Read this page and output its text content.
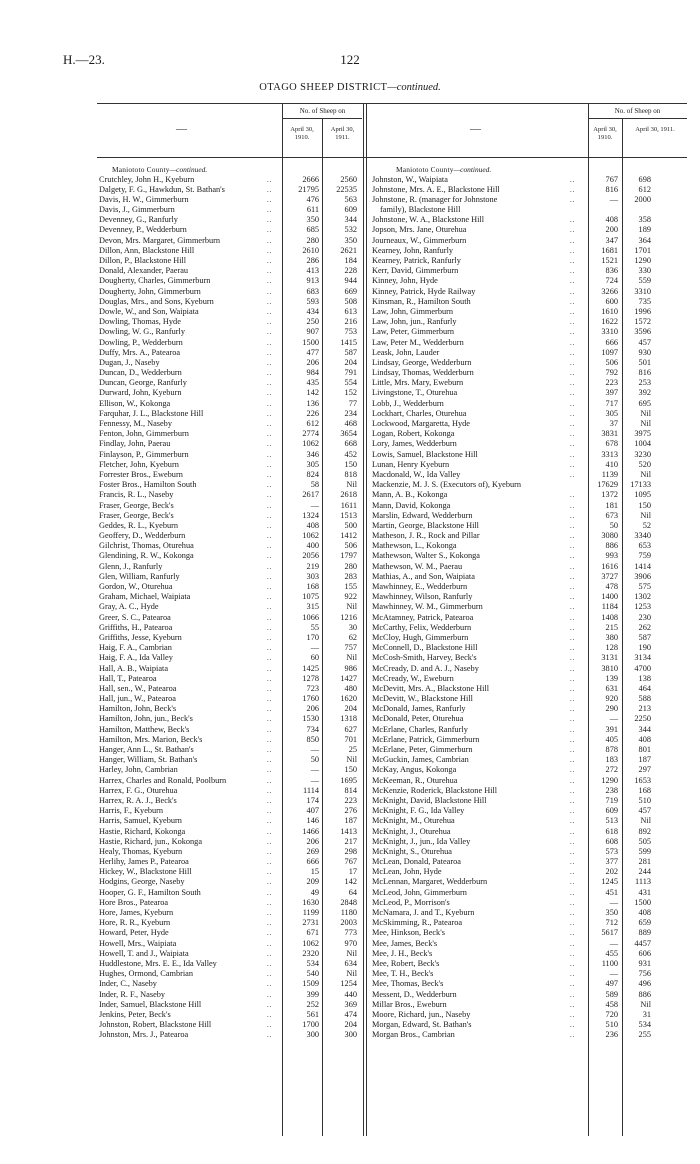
H.—23.	122
OTAGO SHEEP DISTRICT—continued.
—	—
No. of Sheep on	No. of Sheep on
April 30, 1910.
April 30, 1911.
April 30, 1910.
April 30, 1911.
Maniototo County—continued.	Maniototo County—continued.
Crutchley, John H., Kyeburn	..	2666	2560
Dalgety, F. G., Hawkdun, St. Bathan's	..	21795	22535
Davis, H. W., Gimmerburn	..	476	563
Davis, J., Gimmerburn	..	611	609
Devenney, G., Ranfurly	..	350	344
Devenney, P., Wedderburn	..	685	532
Devon, Mrs. Margaret, Gimmerburn	..	280	350
Dillon, Ann, Blackstone Hill	..	2610	2621
Dillon, P., Blackstone Hill	..	286	184
Donald, Alexander, Paerau	..	413	228
Dougherty, Charles, Gimmerburn	..	913	944
Dougherty, John, Gimmerburn	..	683	669
Douglas, Mrs., and Sons, Kyeburn	..	593	508
Dowle, W., and Son, Waipiata	..	434	613
Dowling, Thomas, Hyde	..	250	216
Dowling, W. G., Ranfurly	..	907	753
Dowling, P., Wedderburn	..	1500	1415
Duffy, Mrs. A., Patearoa	..	477	587
Dugan, J., Naseby	..	206	204
Duncan, D., Wedderburn	..	984	791
Duncan, George, Ranfurly	..	435	554
Durward, John, Kyeburn	..	142	152
Ellison, W., Kokonga	..	136	77
Farquhar, J. L., Blackstone Hill	..	226	234
Fennessy, M., Naseby	..	612	468
Fenton, John, Gimmerburn	..	2774	3654
Findlay, John, Paerau	..	1062	668
Finlayson, P., Gimmerburn	..	346	452
Fletcher, John, Kyeburn	..	305	150
Forrester Bros., Eweburn	..	824	818
Foster Bros., Hamilton South	..	58	Nil
Francis, R. L., Naseby	..	2617	2618
Fraser, George, Beck's	..	—	1611
Fraser, George, Beck's	..	1324	1513
Geddes, R. L., Kyeburn	..	408	500
Geoffery, D., Wedderburn	..	1062	1412
Gilchrist, Thomas, Oturehua	..	400	506
Glendining, R. W., Kokonga	..	2056	1797
Glenn, J., Ranfurly	..	219	280
Glen, William, Ranfurly	..	303	283
Gordon, W., Oturehua	..	168	155
Graham, Michael, Waipiata	..	1075	922
Gray, A. C., Hyde	..	315	Nil
Greer, S. C., Patearoa	..	1066	1216
Griffiths, H., Patearoa	..	55	30
Griffiths, Jesse, Kyeburn	..	170	62
Haig, F. A., Cambrian	..	—	757
Haig, F. A., Ida Valley	..	60	Nil
Hall, A. B., Waipiata	..	1425	986
Hall, T., Patearoa	..	1278	1427
Hall, sen., W., Patearoa	..	723	480
Hall, jun., W., Patearoa	..	1760	1620
Hamilton, John, Beck's	..	206	204
Hamilton, John, jun., Beck's	..	1530	1318
Hamilton, Matthew, Beck's	..	734	627
Hamilton, Mrs. Marion, Beck's	..	850	701
Hanger, Ann L., St. Bathan's	..	—	25
Hanger, William, St. Bathan's	..	50	Nil
Harley, John, Cambrian	..	—	150
Harrex, Charles and Ronald, Poolburn	..	—	1695
Harrex, F. G., Oturehua	..	1114	814
Harrex, R. A. J., Beck's	..	174	223
Harris, F., Kyeburn	..	407	276
Harris, Samuel, Kyeburn	..	146	187
Hastie, Richard, Kokonga	..	1466	1413
Hastie, Richard, jun., Kokonga	..	206	217
Healy, Thomas, Kyeburn	..	269	298
Herlihy, James P., Patearoa	..	666	767
Hickey, W., Blackstone Hill	..	15	17
Hodgins, George, Naseby	..	209	142
Hooper, G. F., Hamilton South	..	49	64
Hore Bros., Patearoa	..	1630	2848
Hore, James, Kyeburn	..	1199	1180
Hore, R. R., Kyeburn	..	2731	2003
Howard, Peter, Hyde	..	671	773
Howell, Mrs., Waipiata	..	1062	970
Howell, T. and J., Waipiata	..	2320	Nil
Huddlestone, Mrs. E. E., Ida Valley	..	534	634
Hughes, Ormond, Cambrian	..	540	Nil
Inder, C., Naseby	..	1509	1254
Inder, R. F., Naseby	..	399	440
Inder, Samuel, Blackstone Hill	..	252	369
Jenkins, Peter, Beck's	..	561	474
Johnston, Robert, Blackstone Hill	..	1700	204
Johnston, Mrs. J., Patearoa	..	300	300
Johnston, W., Waipiata	..	767	698
Johnstone, Mrs. A. E., Blackstone Hill	..	816	612
Johnstone, R. (manager for Johnstone	..	—	2000
family), Blackstone Hill
Johnstone, W. A., Blackstone Hill	..	408	358
Jopson, Mrs. Jane, Oturehua	..	200	189
Journeaux, W., Gimmerburn	..	347	364
Kearney, John, Ranfurly	..	1681	1701
Kearney, Patrick, Ranfurly	..	1521	1290
Kerr, David, Gimmerburn	..	836	330
Kinney, John, Hyde	..	724	559
Kinney, Patrick, Hyde Railway	..	3266	3310
Kinsman, R., Hamilton South	..	600	735
Law, John, Gimmerburn	..	1610	1996
Law, John, jun., Ranfurly	..	1622	1572
Law, Peter, Gimmerburn	..	3310	3596
Law, Peter M., Wedderburn	..	666	457
Leask, John, Lauder	..	1097	930
Lindsay, George, Wedderburn	..	506	501
Lindsay, Thomas, Wedderburn	..	792	816
Little, Mrs. Mary, Eweburn	..	223	253
Livingstone, T., Oturehua	..	397	392
Lobb, J., Wedderburn	..	717	695
Lockhart, Charles, Oturehua	..	305	Nil
Lockwood, Margaretta, Hyde	..	37	Nil
Logan, Robert, Kokonga	..	3831	3975
Lory, James, Wedderburn	..	678	1004
Lowis, Samuel, Blackstone Hill	..	3313	3230
Lunan, Henry Kyeburn	..	410	520
Macdonald, W., Ida Valley	..	1139	Nil
Mackenzie, M. J. S. (Executors of), Kyeburn	17629	17133
Mann, A. B., Kokonga	..	1372	1095
Mann, David, Kokonga	..	181	150
Marslin, Edward, Wedderburn	..	673	Nil
Martin, George, Blackstone Hill	..	50	52
Matheson, J. R., Rock and Pillar	..	3080	3340
Mathewson, L., Kokonga	..	886	653
Mathewson, Walter S., Kokonga	..	993	759
Mathewson, W. M., Paerau	..	1616	1414
Mathias, A., and Son, Waipiata	..	3727	3906
Mawhinney, E., Wedderburn	..	478	575
Mawhinney, Wilson, Ranfurly	..	1400	1302
Mawhinney, W. M., Gimmerburn	..	1184	1253
McAtamney, Patrick, Patearoa	..	1408	230
McCarthy, Felix, Wedderburn	..	215	262
McCloy, Hugh, Gimmerburn	..	380	587
McConnell, D., Blackstone Hill	..	128	190
McCosh-Smith, Harvey, Beck's	..	3131	3134
McCready, D. and A. J., Naseby	..	3810	4700
McCready, W., Eweburn	..	139	138
McDevitt, Mrs. A., Blackstone Hill	..	631	464
McDevitt, W., Blackstone Hill	..	920	588
McDonald, James, Ranfurly	..	290	213
McDonald, Peter, Oturehua	..	—	2250
McErlane, Charles, Ranfurly	..	391	344
McErlane, Patrick, Gimmerburn	..	405	408
McErlane, Peter, Gimmerburn	..	878	801
McGuckin, James, Cambrian	..	183	187
McKay, Angus, Kokonga	..	272	297
McKeeman, R., Oturehua	..	1290	1653
McKenzie, Roderick, Blackstone Hill	..	238	168
McKnight, David, Blackstone Hill	..	719	510
McKnight, F. G., Ida Valley	..	609	457
McKnight, M., Oturehua	..	513	Nil
McKnight, J., Oturehua	..	618	892
McKnight, J., jun., Ida Valley	..	608	505
McKnight, S., Oturehua	..	573	599
McLean, Donald, Patearoa	..	377	281
McLean, John, Hyde	..	202	244
McLennan, Margaret, Wedderburn	..	1245	1113
McLeod, John, Gimmerburn	..	451	431
McLeod, P., Morrison's	..	—	1500
McNamara, J. and T., Kyeburn	..	350	408
McSkimming, R., Patearoa	..	712	659
Mee, Hinkson, Beck's	..	5617	889
Mee, James, Beck's	..	—	4457
Mee, J. H., Beck's	..	455	606
Mee, Robert, Beck's	..	1100	931
Mee, T. H., Beck's	..	—	756
Mee, Thomas, Beck's	..	497	496
Messent, D., Wedderburn	..	589	886
Millar Bros., Eweburn	..	458	Nil
Moore, Richard, jun., Naseby	..	720	31
Morgan, Edward, St. Bathan's	..	510	534
Morgan Bros., Cambrian	..	236	255
